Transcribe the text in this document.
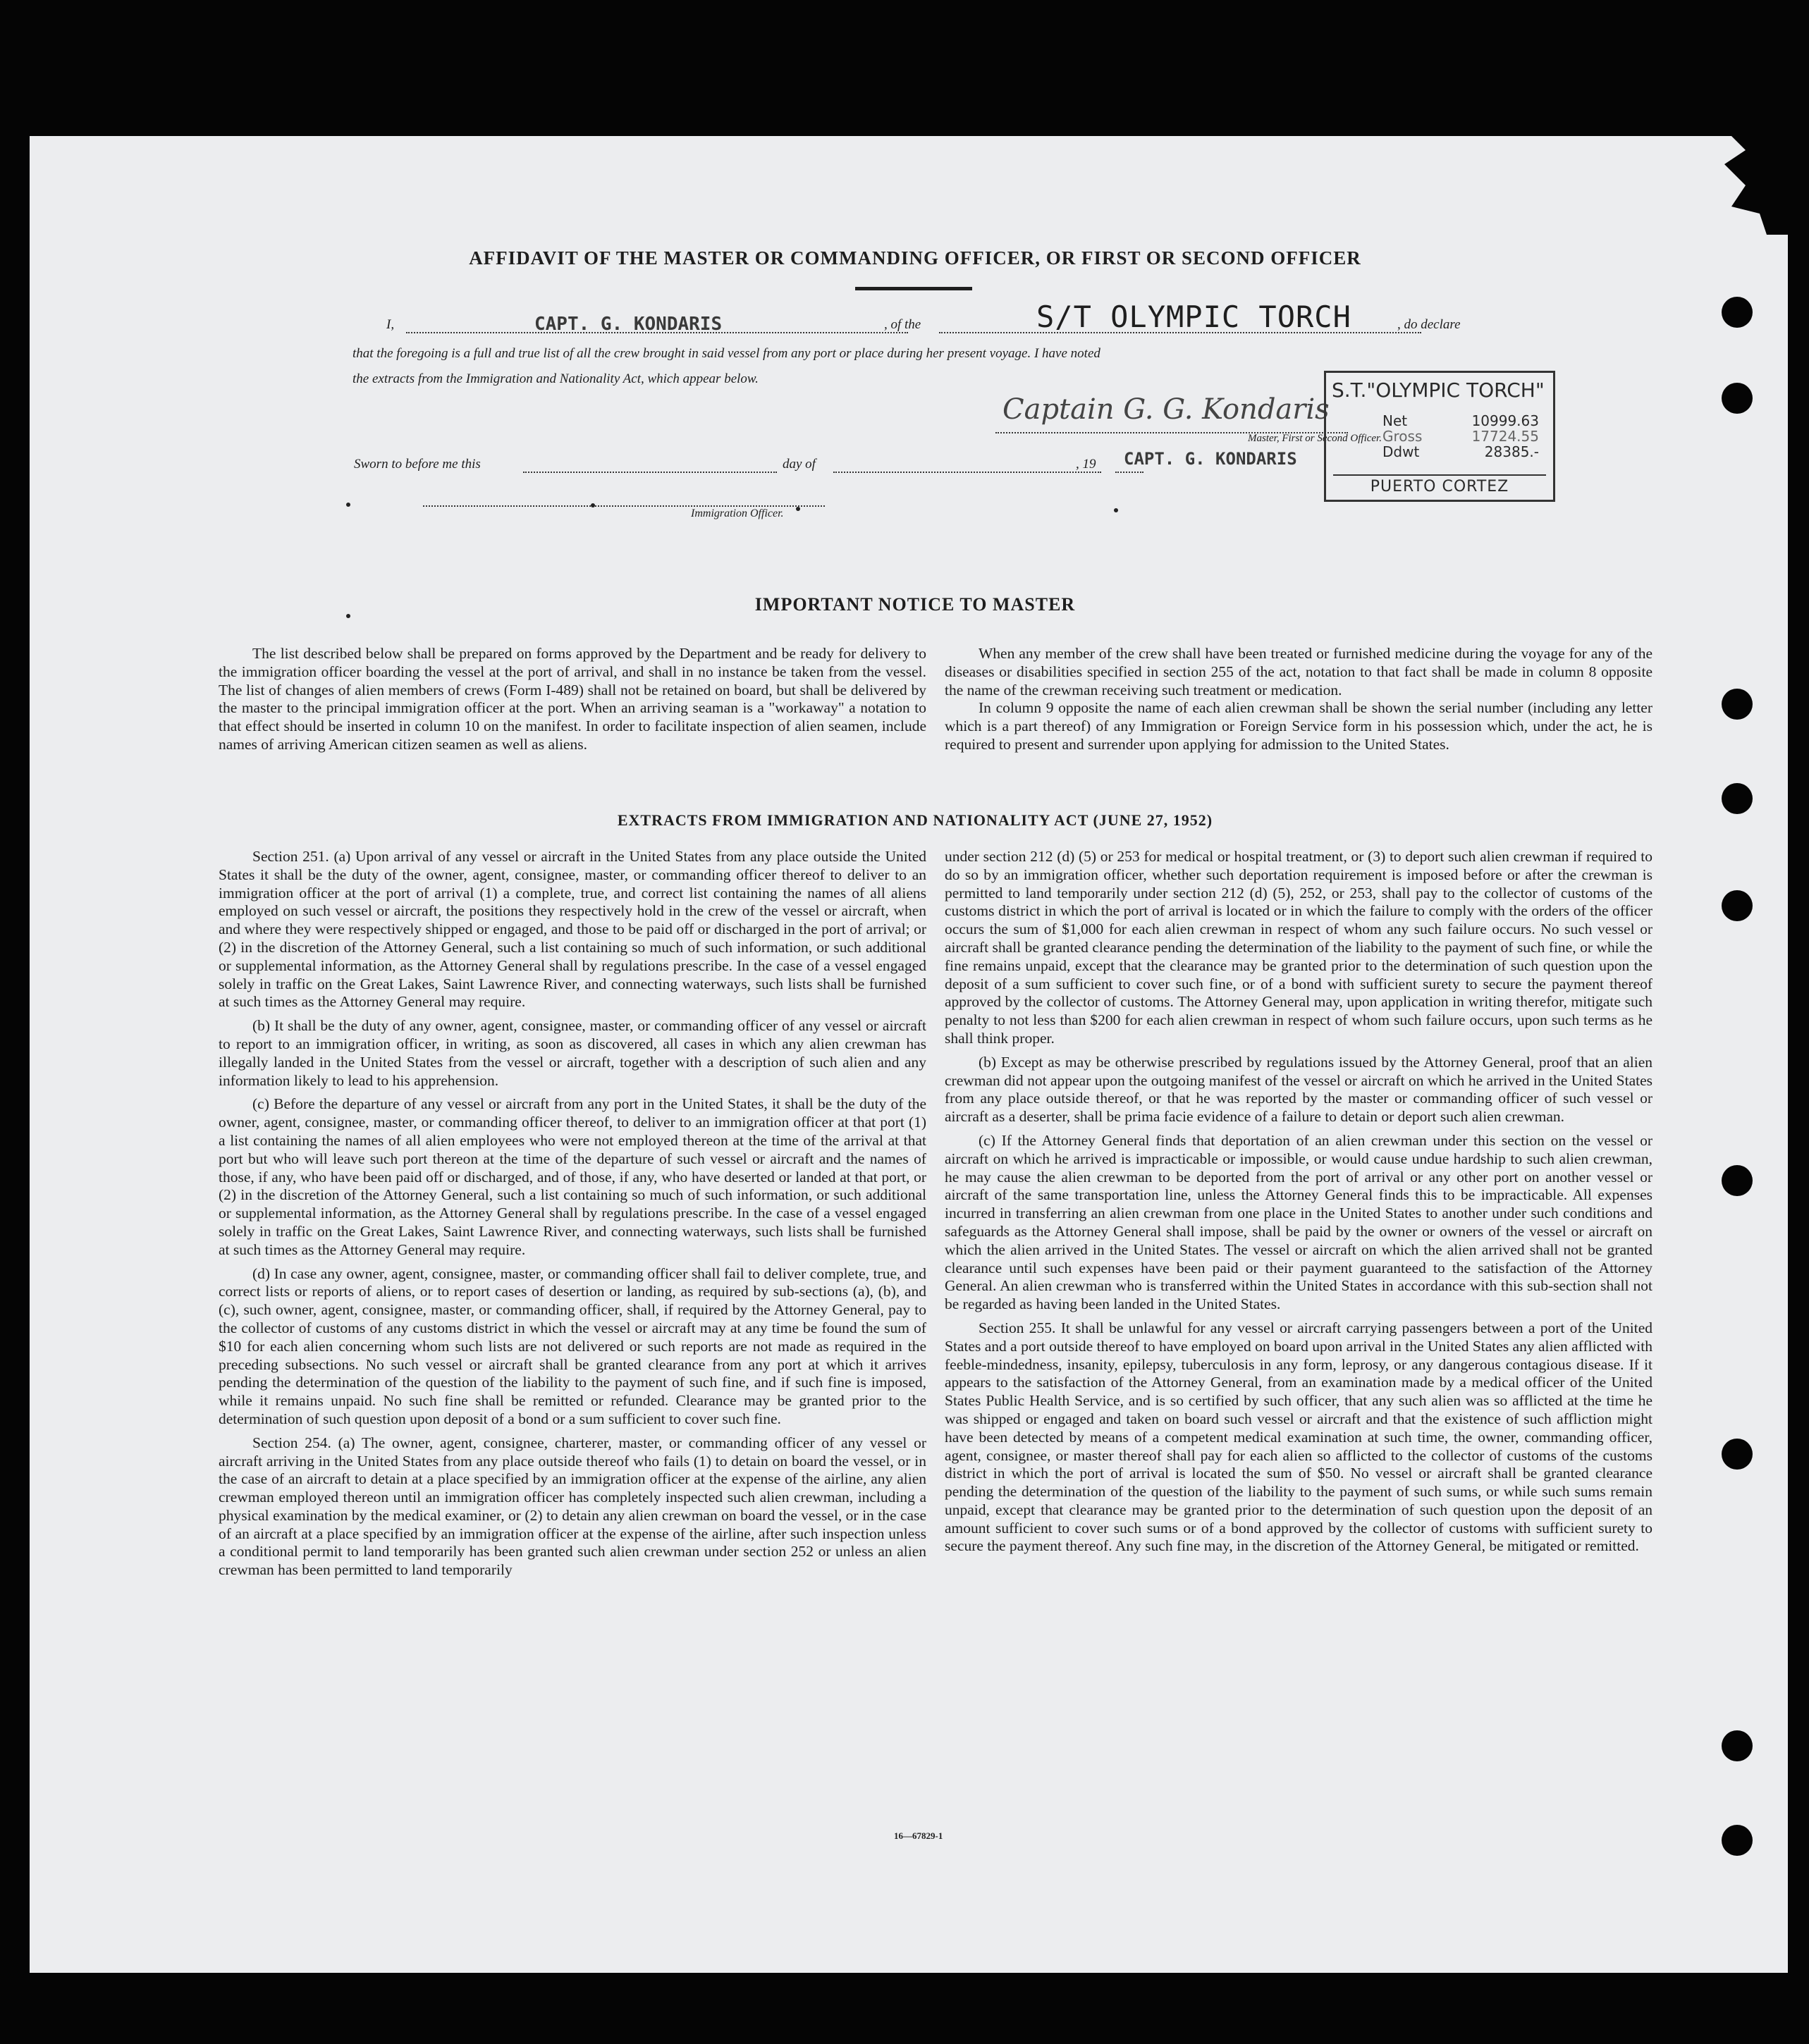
AFFIDAVIT OF THE MASTER OR COMMANDING OFFICER, OR FIRST OR SECOND OFFICER
I,	CAPT. G. KONDARIS	, of the	S/T OLYMPIC TORCH	, do declare
that the foregoing is a full and true list of all the crew brought in said vessel from any port or place during her present voyage. I have noted
the extracts from the Immigration and Nationality Act, which appear below.
Captain G. G. Kondaris
Master, First or Second Officer.
S.T."OLYMPIC TORCH"
Net	10999.63
Gross	17724.55
Ddwt	28385.-
PUERTO CORTEZ
Sworn to before me this	day of	, 19 CAPT. G. KONDARIS
Immigration Officer.
IMPORTANT NOTICE TO MASTER

The list described below shall be prepared on forms approved by the Department and be ready for delivery to the immigration officer boarding the vessel at the port of arrival, and shall in no instance be taken from the vessel. The list of changes of alien members of crews (Form I-489) shall not be retained on board, but shall be delivered by the master to the principal immigration officer at the port. When an arriving seaman is a "workaway" a notation to that effect should be inserted in column 10 on the manifest. In order to facilitate inspection of alien seamen, include names of arriving American citizen seamen as well as aliens.

When any member of the crew shall have been treated or furnished medicine during the voyage for any of the diseases or disabilities specified in section 255 of the act, notation to that fact shall be made in column 8 opposite the name of the crewman receiving such treatment or medication.

In column 9 opposite the name of each alien crewman shall be shown the serial number (including any letter which is a part thereof) of any Immigration or Foreign Service form in his possession which, under the act, he is required to present and surrender upon applying for admission to the United States.

EXTRACTS FROM IMMIGRATION AND NATIONALITY ACT (JUNE 27, 1952)

Section 251. (a) Upon arrival of any vessel or aircraft in the United States from any place outside the United States it shall be the duty of the owner, agent, consignee, master, or commanding officer thereof to deliver to an immigration officer at the port of arrival (1) a complete, true, and correct list containing the names of all aliens employed on such vessel or aircraft, the positions they respectively hold in the crew of the vessel or aircraft, when and where they were respectively shipped or engaged, and those to be paid off or discharged in the port of arrival; or (2) in the discretion of the Attorney General, such a list containing so much of such information, or such additional or supplemental information, as the Attorney General shall by regulations prescribe. In the case of a vessel engaged solely in traffic on the Great Lakes, Saint Lawrence River, and connecting waterways, such lists shall be furnished at such times as the Attorney General may require.

(b) It shall be the duty of any owner, agent, consignee, master, or commanding officer of any vessel or aircraft to report to an immigration officer, in writing, as soon as discovered, all cases in which any alien crewman has illegally landed in the United States from the vessel or aircraft, together with a description of such alien and any information likely to lead to his apprehension.

(c) Before the departure of any vessel or aircraft from any port in the United States, it shall be the duty of the owner, agent, consignee, master, or commanding officer thereof, to deliver to an immigration officer at that port (1) a list containing the names of all alien employees who were not employed thereon at the time of the arrival at that port but who will leave such port thereon at the time of the departure of such vessel or aircraft and the names of those, if any, who have been paid off or discharged, and of those, if any, who have deserted or landed at that port, or (2) in the discretion of the Attorney General, such a list containing so much of such information, or such additional or supplemental information, as the Attorney General shall by regulations prescribe. In the case of a vessel engaged solely in traffic on the Great Lakes, Saint Lawrence River, and connecting waterways, such lists shall be furnished at such times as the Attorney General may require.

(d) In case any owner, agent, consignee, master, or commanding officer shall fail to deliver complete, true, and correct lists or reports of aliens, or to report cases of desertion or landing, as required by sub-sections (a), (b), and (c), such owner, agent, consignee, master, or commanding officer, shall, if required by the Attorney General, pay to the collector of customs of any customs district in which the vessel or aircraft may at any time be found the sum of $10 for each alien concerning whom such lists are not delivered or such reports are not made as required in the preceding subsections. No such vessel or aircraft shall be granted clearance from any port at which it arrives pending the determination of the question of the liability to the payment of such fine, and if such fine is imposed, while it remains unpaid. No such fine shall be remitted or refunded. Clearance may be granted prior to the determination of such question upon deposit of a bond or a sum sufficient to cover such fine.

Section 254. (a) The owner, agent, consignee, charterer, master, or commanding officer of any vessel or aircraft arriving in the United States from any place outside thereof who fails (1) to detain on board the vessel, or in the case of an aircraft to detain at a place specified by an immigration officer at the expense of the airline, any alien crewman employed thereon until an immigration officer has completely inspected such alien crewman, including a physical examination by the medical examiner, or (2) to detain any alien crewman on board the vessel, or in the case of an aircraft at a place specified by an immigration officer at the expense of the airline, after such inspection unless a conditional permit to land temporarily has been granted such alien crewman under section 252 or unless an alien crewman has been permitted to land temporarily

under section 212 (d) (5) or 253 for medical or hospital treatment, or (3) to deport such alien crewman if required to do so by an immigration officer, whether such deportation requirement is imposed before or after the crewman is permitted to land temporarily under section 212 (d) (5), 252, or 253, shall pay to the collector of customs of the customs district in which the port of arrival is located or in which the failure to comply with the orders of the officer occurs the sum of $1,000 for each alien crewman in respect of whom any such failure occurs. No such vessel or aircraft shall be granted clearance pending the determination of the liability to the payment of such fine, or while the fine remains unpaid, except that the clearance may be granted prior to the determination of such question upon the deposit of a sum sufficient to cover such fine, or of a bond with sufficient surety to secure the payment thereof approved by the collector of customs. The Attorney General may, upon application in writing therefor, mitigate such penalty to not less than $200 for each alien crewman in respect of whom such failure occurs, upon such terms as he shall think proper.

(b) Except as may be otherwise prescribed by regulations issued by the Attorney General, proof that an alien crewman did not appear upon the outgoing manifest of the vessel or aircraft on which he arrived in the United States from any place outside thereof, or that he was reported by the master or commanding officer of such vessel or aircraft as a deserter, shall be prima facie evidence of a failure to detain or deport such alien crewman.

(c) If the Attorney General finds that deportation of an alien crewman under this section on the vessel or aircraft on which he arrived is impracticable or impossible, or would cause undue hardship to such alien crewman, he may cause the alien crewman to be deported from the port of arrival or any other port on another vessel or aircraft of the same transportation line, unless the Attorney General finds this to be impracticable. All expenses incurred in transferring an alien crewman from one place in the United States to another under such conditions and safeguards as the Attorney General shall impose, shall be paid by the owner or owners of the vessel or aircraft on which the alien arrived in the United States. The vessel or aircraft on which the alien arrived shall not be granted clearance until such expenses have been paid or their payment guaranteed to the satisfaction of the Attorney General. An alien crewman who is transferred within the United States in accordance with this sub-section shall not be regarded as having been landed in the United States.

Section 255. It shall be unlawful for any vessel or aircraft carrying passengers between a port of the United States and a port outside thereof to have employed on board upon arrival in the United States any alien afflicted with feeble-mindedness, insanity, epilepsy, tuberculosis in any form, leprosy, or any dangerous contagious disease. If it appears to the satisfaction of the Attorney General, from an examination made by a medical officer of the United States Public Health Service, and is so certified by such officer, that any such alien was so afflicted at the time he was shipped or engaged and taken on board such vessel or aircraft and that the existence of such affliction might have been detected by means of a competent medical examination at such time, the owner, commanding officer, agent, consignee, or master thereof shall pay for each alien so afflicted to the collector of customs of the customs district in which the port of arrival is located the sum of $50. No vessel or aircraft shall be granted clearance pending the determination of the question of the liability to the payment of such sums, or while such sums remain unpaid, except that clearance may be granted prior to the determination of such question upon the deposit of an amount sufficient to cover such sums or of a bond approved by the collector of customs with sufficient surety to secure the payment thereof. Any such fine may, in the discretion of the Attorney General, be mitigated or remitted.

16—67829-1
